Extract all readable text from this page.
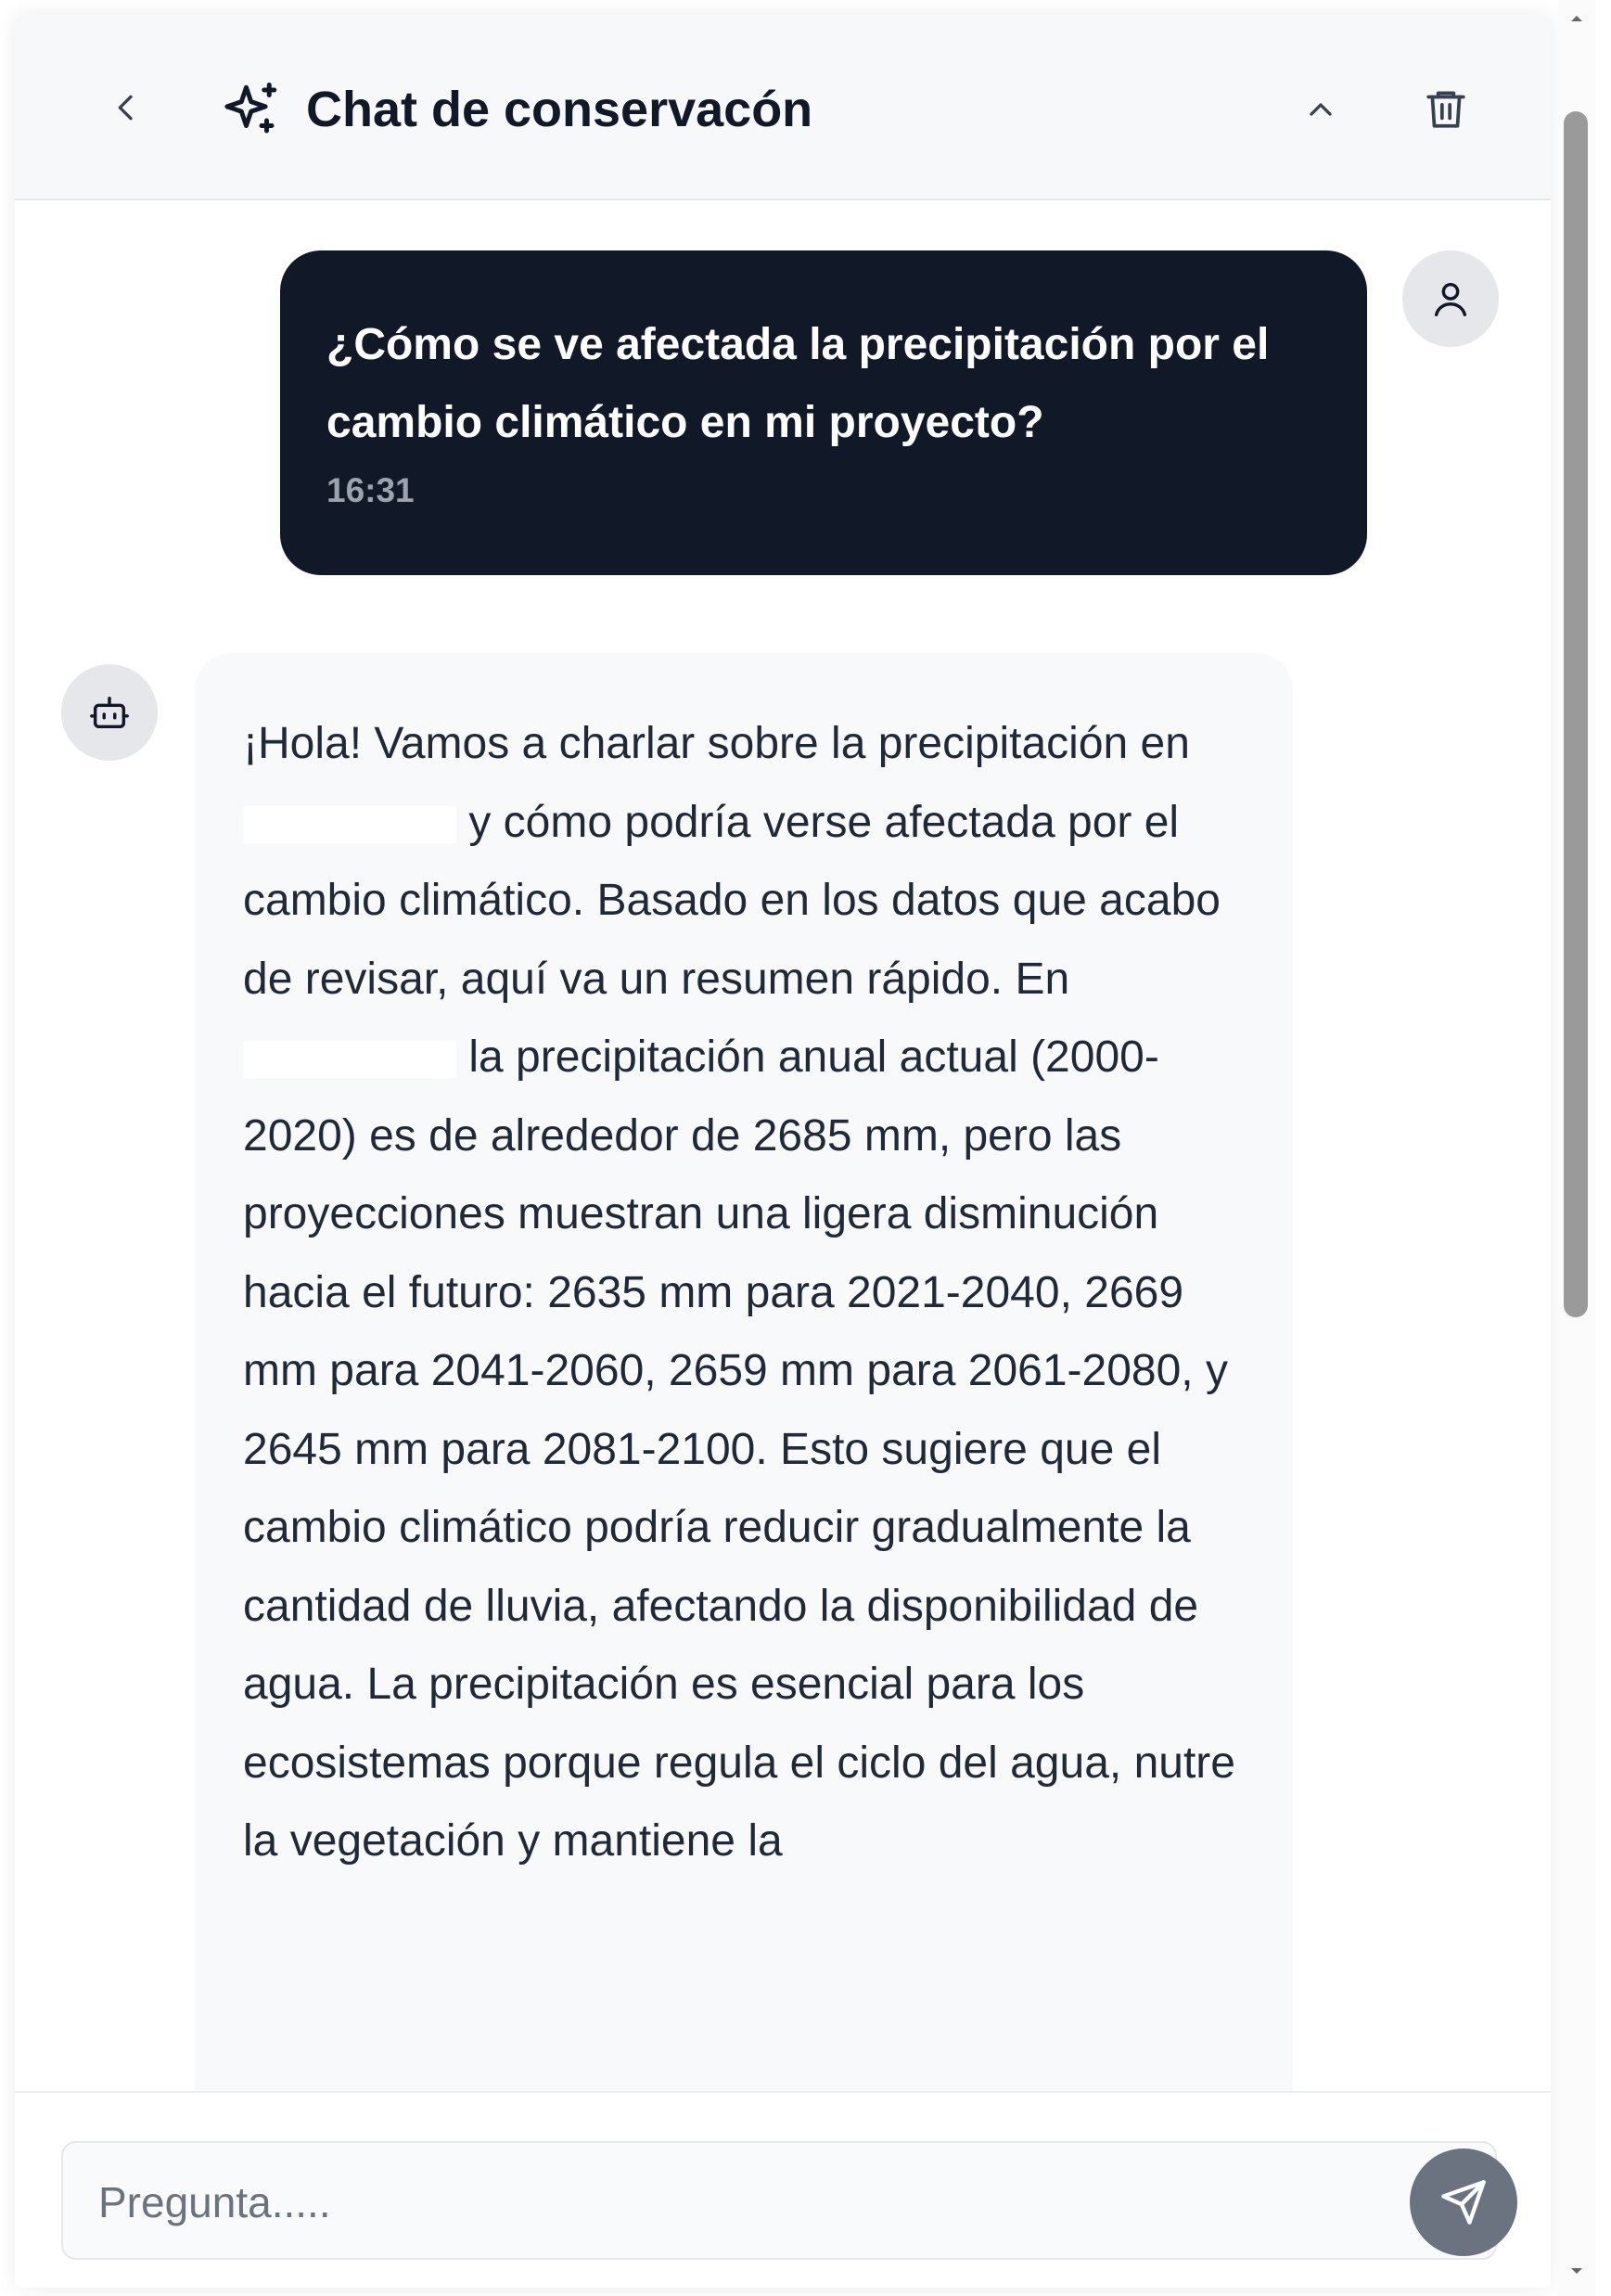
Chat de conservacón

¿Cómo se ve afectada la precipitación por el cambio climático en mi proyecto?

16:31

¡Hola! Vamos a charlar sobre la precipitación en  y cómo podría verse afectada por el cambio climático. Basado en los datos que acabo de revisar, aquí va un resumen rápido. En  la precipitación anual actual (2000-2020) es de alrededor de 2685 mm, pero las proyecciones muestran una ligera disminución hacia el futuro: 2635 mm para 2021-2040, 2669 mm para 2041-2060, 2659 mm para 2061-2080, y 2645 mm para 2081-2100. Esto sugiere que el cambio climático podría reducir gradualmente la cantidad de lluvia, afectando la disponibilidad de agua. La precipitación es esencial para los ecosistemas porque regula el ciclo del agua, nutre la vegetación y mantiene la

Pregunta.....
